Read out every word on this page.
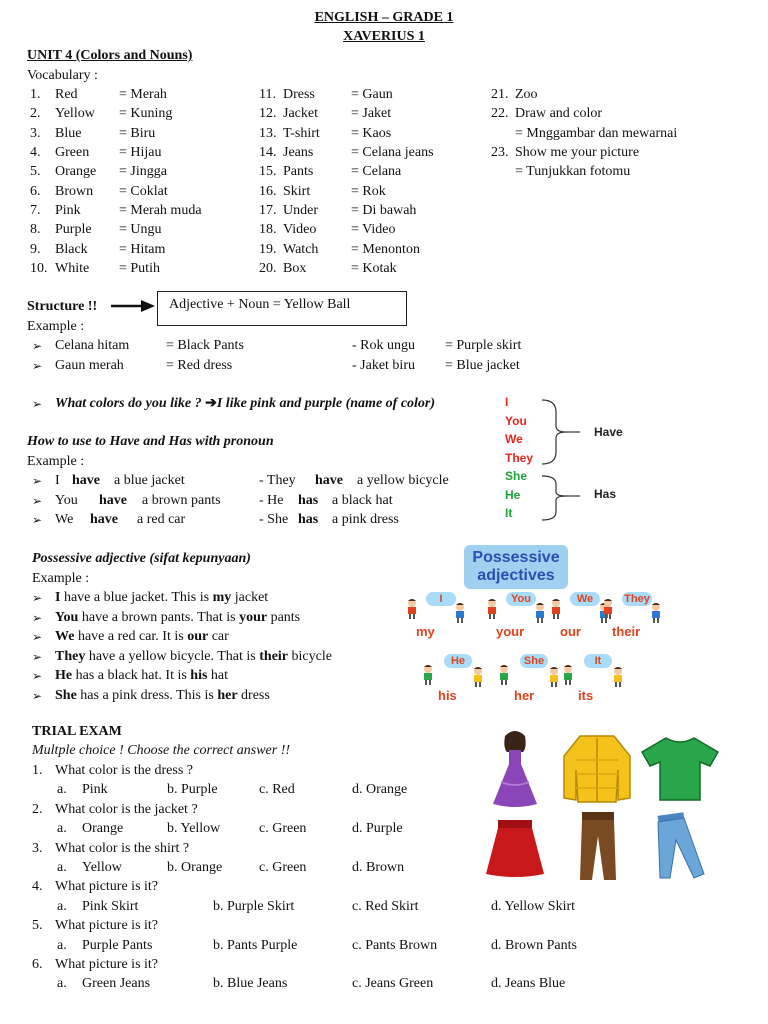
ENGLISH – GRADE 1
XAVERIUS 1
UNIT 4 (Colors and Nouns)
Vocabulary :
1. Red	= Merah
2. Yellow = Kuning
3. Blue	= Biru
4. Green = Hijau
5. Orange = Jingga
6. Brown = Coklat
7. Pink	= Merah muda
8. Purple = Ungu
9. Black = Hitam
10. White = Putih
11. Dress	= Gaun
12. Jacket = Jaket
13. T-shirt = Kaos
14. Jeans	= Celana jeans
15. Pants	= Celana
16. Skirt	= Rok
17. Under = Di bawah
18. Video = Video
19. Watch = Menonton
20. Box	= Kotak
21. Zoo
22. Draw and color
= Mnggambar dan mewarnai
23. Show me your picture
= Tunjukkan fotomu
Structure !!	Adjective + Noun = Yellow Ball
Example :
➢ Celana hitam	= Black Pants	- Rok ungu = Purple skirt
➢ Gaun merah	= Red dress	- Jaket biru = Blue jacket
➢ What colors do you like ? ➔I like pink and purple (name of color)	I
You
We
They
Have
She
He
It
Has
How to use to Have and Has with pronoun
Example :
➢ I have a blue jacket	- They have a yellow bicycle
➢ You have a brown pants	- He has a black hat
➢ We have a red car	- She has a pink dress
Possessive adjective (sifat kepunyaan)
Example :
➢ I have a blue jacket. This is my jacket
➢ You have a brown pants. That is your pants
➢ We have a red car. It is our car
➢ They have a yellow bicycle. That is their bicycle
➢ He has a black hat. It is his hat
➢ She has a pink dress. This is her dress
Possessive
adjectives
I
my
You
your
We
our
They
their
He
his
She
her
It
its
TRIAL EXAM
Multple choice ! Choose the correct answer !!
1. What color is the dress ?
a. Pink	b. Purple	c. Red	d. Orange
2. What color is the jacket ?
a. Orange	b. Yellow	c. Green	d. Purple
3. What color is the shirt ?
a. Yellow	b. Orange	c. Green	d. Brown
4. What picture is it?
a. Pink Skirt	b. Purple Skirt	c. Red Skirt	d. Yellow Skirt
5. What picture is it?
a. Purple Pants	b. Pants Purple	c. Pants Brown	d. Brown Pants
6. What picture is it?
a. Green Jeans	b. Blue Jeans	c. Jeans Green	d. Jeans Blue
